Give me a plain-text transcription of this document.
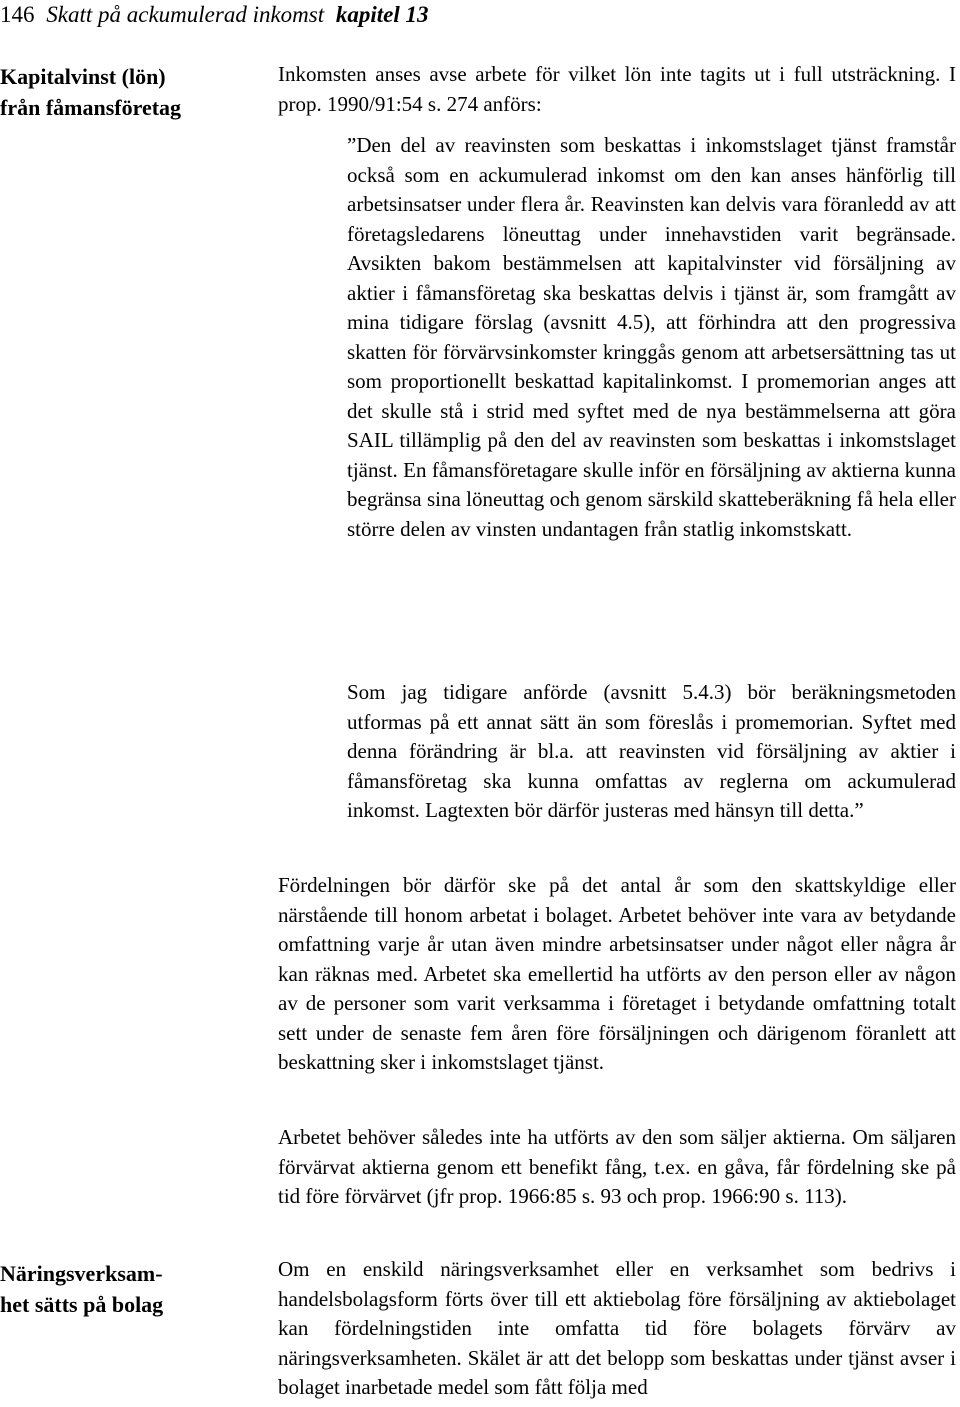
146 Skatt på ackumulerad inkomst kapitel 13
Kapitalvinst (lön)
från fåmansföretag
Näringsverksam-
het sätts på bolag

Inkomsten anses avse arbete för vilket lön inte tagits ut i full utsträckning. I prop. 1990/91:54 s. 274 anförs:

”Den del av reavinsten som beskattas i inkomstslaget tjänst framstår också som en ackumulerad inkomst om den kan anses hänförlig till arbetsinsatser under flera år. Reavinsten kan delvis vara föranledd av att företagsledarens löneuttag under innehavstiden varit begränsade. Avsikten bakom bestämmelsen att kapitalvinster vid försäljning av aktier i fåmansföretag ska beskattas delvis i tjänst är, som framgått av mina tidigare förslag (avsnitt 4.5), att förhindra att den progressiva skatten för förvärvsinkomster kringgås genom att arbetsersättning tas ut som proportionellt beskattad kapitalinkomst. I promemorian anges att det skulle stå i strid med syftet med de nya bestämmelserna att göra SAIL tillämplig på den del av reavinsten som beskattas i inkomstslaget tjänst. En fåmansföretagare skulle inför en försäljning av aktierna kunna begränsa sina löneuttag och genom särskild skatteberäkning få hela eller större delen av vinsten undantagen från statlig inkomstskatt.

Som jag tidigare anförde (avsnitt 5.4.3) bör beräkningsmetoden utformas på ett annat sätt än som föreslås i promemorian. Syftet med denna förändring är bl.a. att reavinsten vid försäljning av aktier i fåmansföretag ska kunna omfattas av reglerna om ackumulerad inkomst. Lagtexten bör därför justeras med hänsyn till detta.”

Fördelningen bör därför ske på det antal år som den skattskyldige eller närstående till honom arbetat i bolaget. Arbetet behöver inte vara av betydande omfattning varje år utan även mindre arbetsinsatser under något eller några år kan räknas med. Arbetet ska emellertid ha utförts av den person eller av någon av de personer som varit verksamma i företaget i betydande omfattning totalt sett under de senaste fem åren före försäljningen och därigenom föranlett att beskattning sker i inkomstslaget tjänst.

Arbetet behöver således inte ha utförts av den som säljer aktierna. Om säljaren förvärvat aktierna genom ett benefikt fång, t.ex. en gåva, får fördelning ske på tid före förvärvet (jfr prop. 1966:85 s. 93 och prop. 1966:90 s. 113).

Om en enskild näringsverksamhet eller en verksamhet som bedrivs i handelsbolagsform förts över till ett aktiebolag före försäljning av aktiebolaget kan fördelningstiden inte omfatta tid före bolagets förvärv av näringsverksamheten. Skälet är att det belopp som beskattas under tjänst avser i bolaget inarbetade medel som fått följa med
